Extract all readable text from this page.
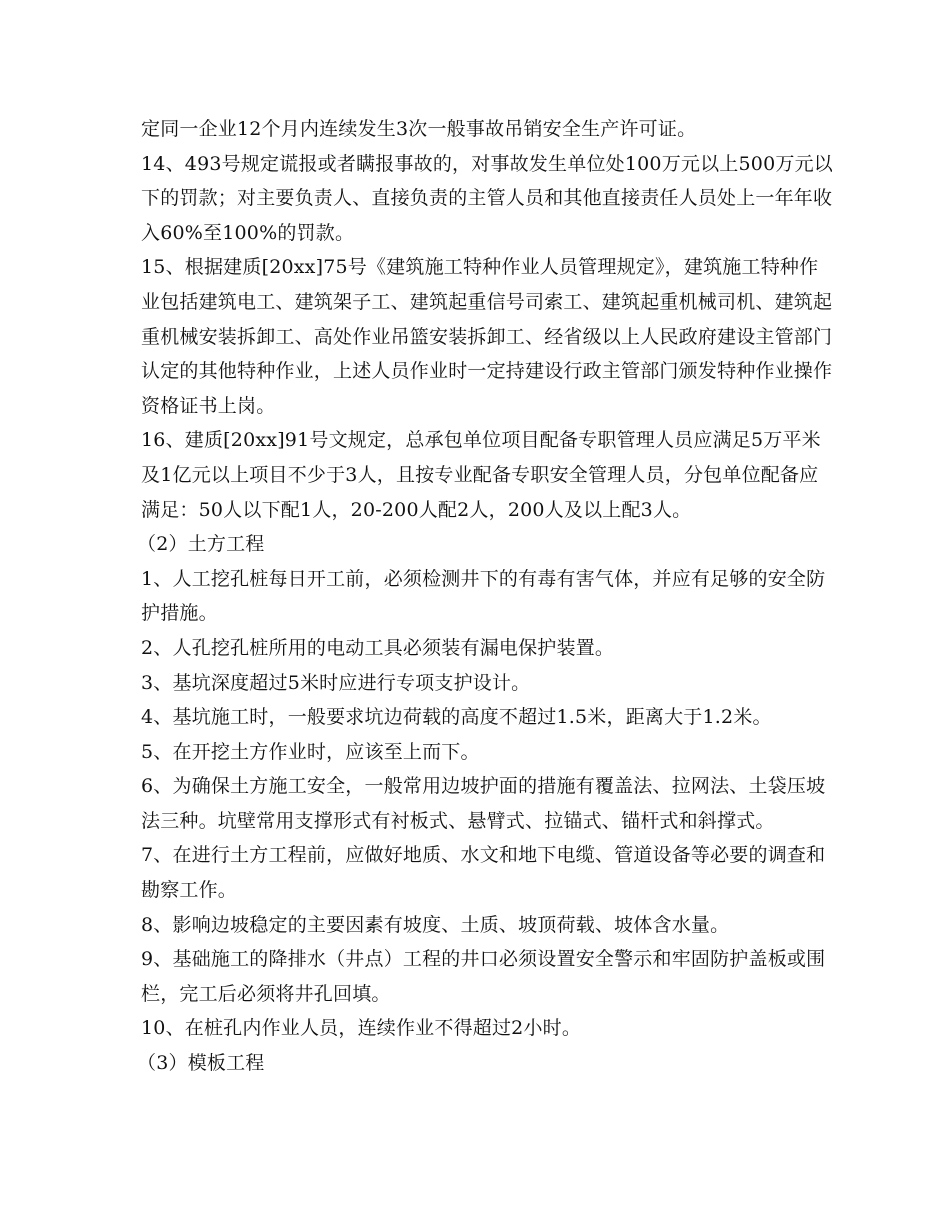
定同一企业12个月内连续发生3次一般事故吊销安全生产许可证。
14、493号规定谎报或者瞒报事故的，对事故发生单位处100万元以上500万元以
下的罚款；对主要负责人、直接负责的主管人员和其他直接责任人员处上一年年收
入60%至100%的罚款。
15、根据建质[20xx]75号《建筑施工特种作业人员管理规定》，建筑施工特种作
业包括建筑电工、建筑架子工、建筑起重信号司索工、建筑起重机械司机、建筑起
重机械安装拆卸工、高处作业吊篮安装拆卸工、经省级以上人民政府建设主管部门
认定的其他特种作业，上述人员作业时一定持建设行政主管部门颁发特种作业操作
资格证书上岗。
16、建质[20xx]91号文规定，总承包单位项目配备专职管理人员应满足5万平米
及1亿元以上项目不少于3人，且按专业配备专职安全管理人员，分包单位配备应
满足：50人以下配1人，20-200人配2人，200人及以上配3人。
（2）土方工程
1、人工挖孔桩每日开工前，必须检测井下的有毒有害气体，并应有足够的安全防
护措施。
2、人孔挖孔桩所用的电动工具必须装有漏电保护装置。
3、基坑深度超过5米时应进行专项支护设计。
4、基坑施工时，一般要求坑边荷载的高度不超过1.5米，距离大于1.2米。
5、在开挖土方作业时，应该至上而下。
6、为确保土方施工安全，一般常用边坡护面的措施有覆盖法、拉网法、土袋压坡
法三种。坑壁常用支撑形式有衬板式、悬臂式、拉锚式、锚杆式和斜撑式。
7、在进行土方工程前，应做好地质、水文和地下电缆、管道设备等必要的调查和
勘察工作。
8、影响边坡稳定的主要因素有坡度、土质、坡顶荷载、坡体含水量。
9、基础施工的降排水（井点）工程的井口必须设置安全警示和牢固防护盖板或围
栏，完工后必须将井孔回填。
10、在桩孔内作业人员，连续作业不得超过2小时。
（3）模板工程
